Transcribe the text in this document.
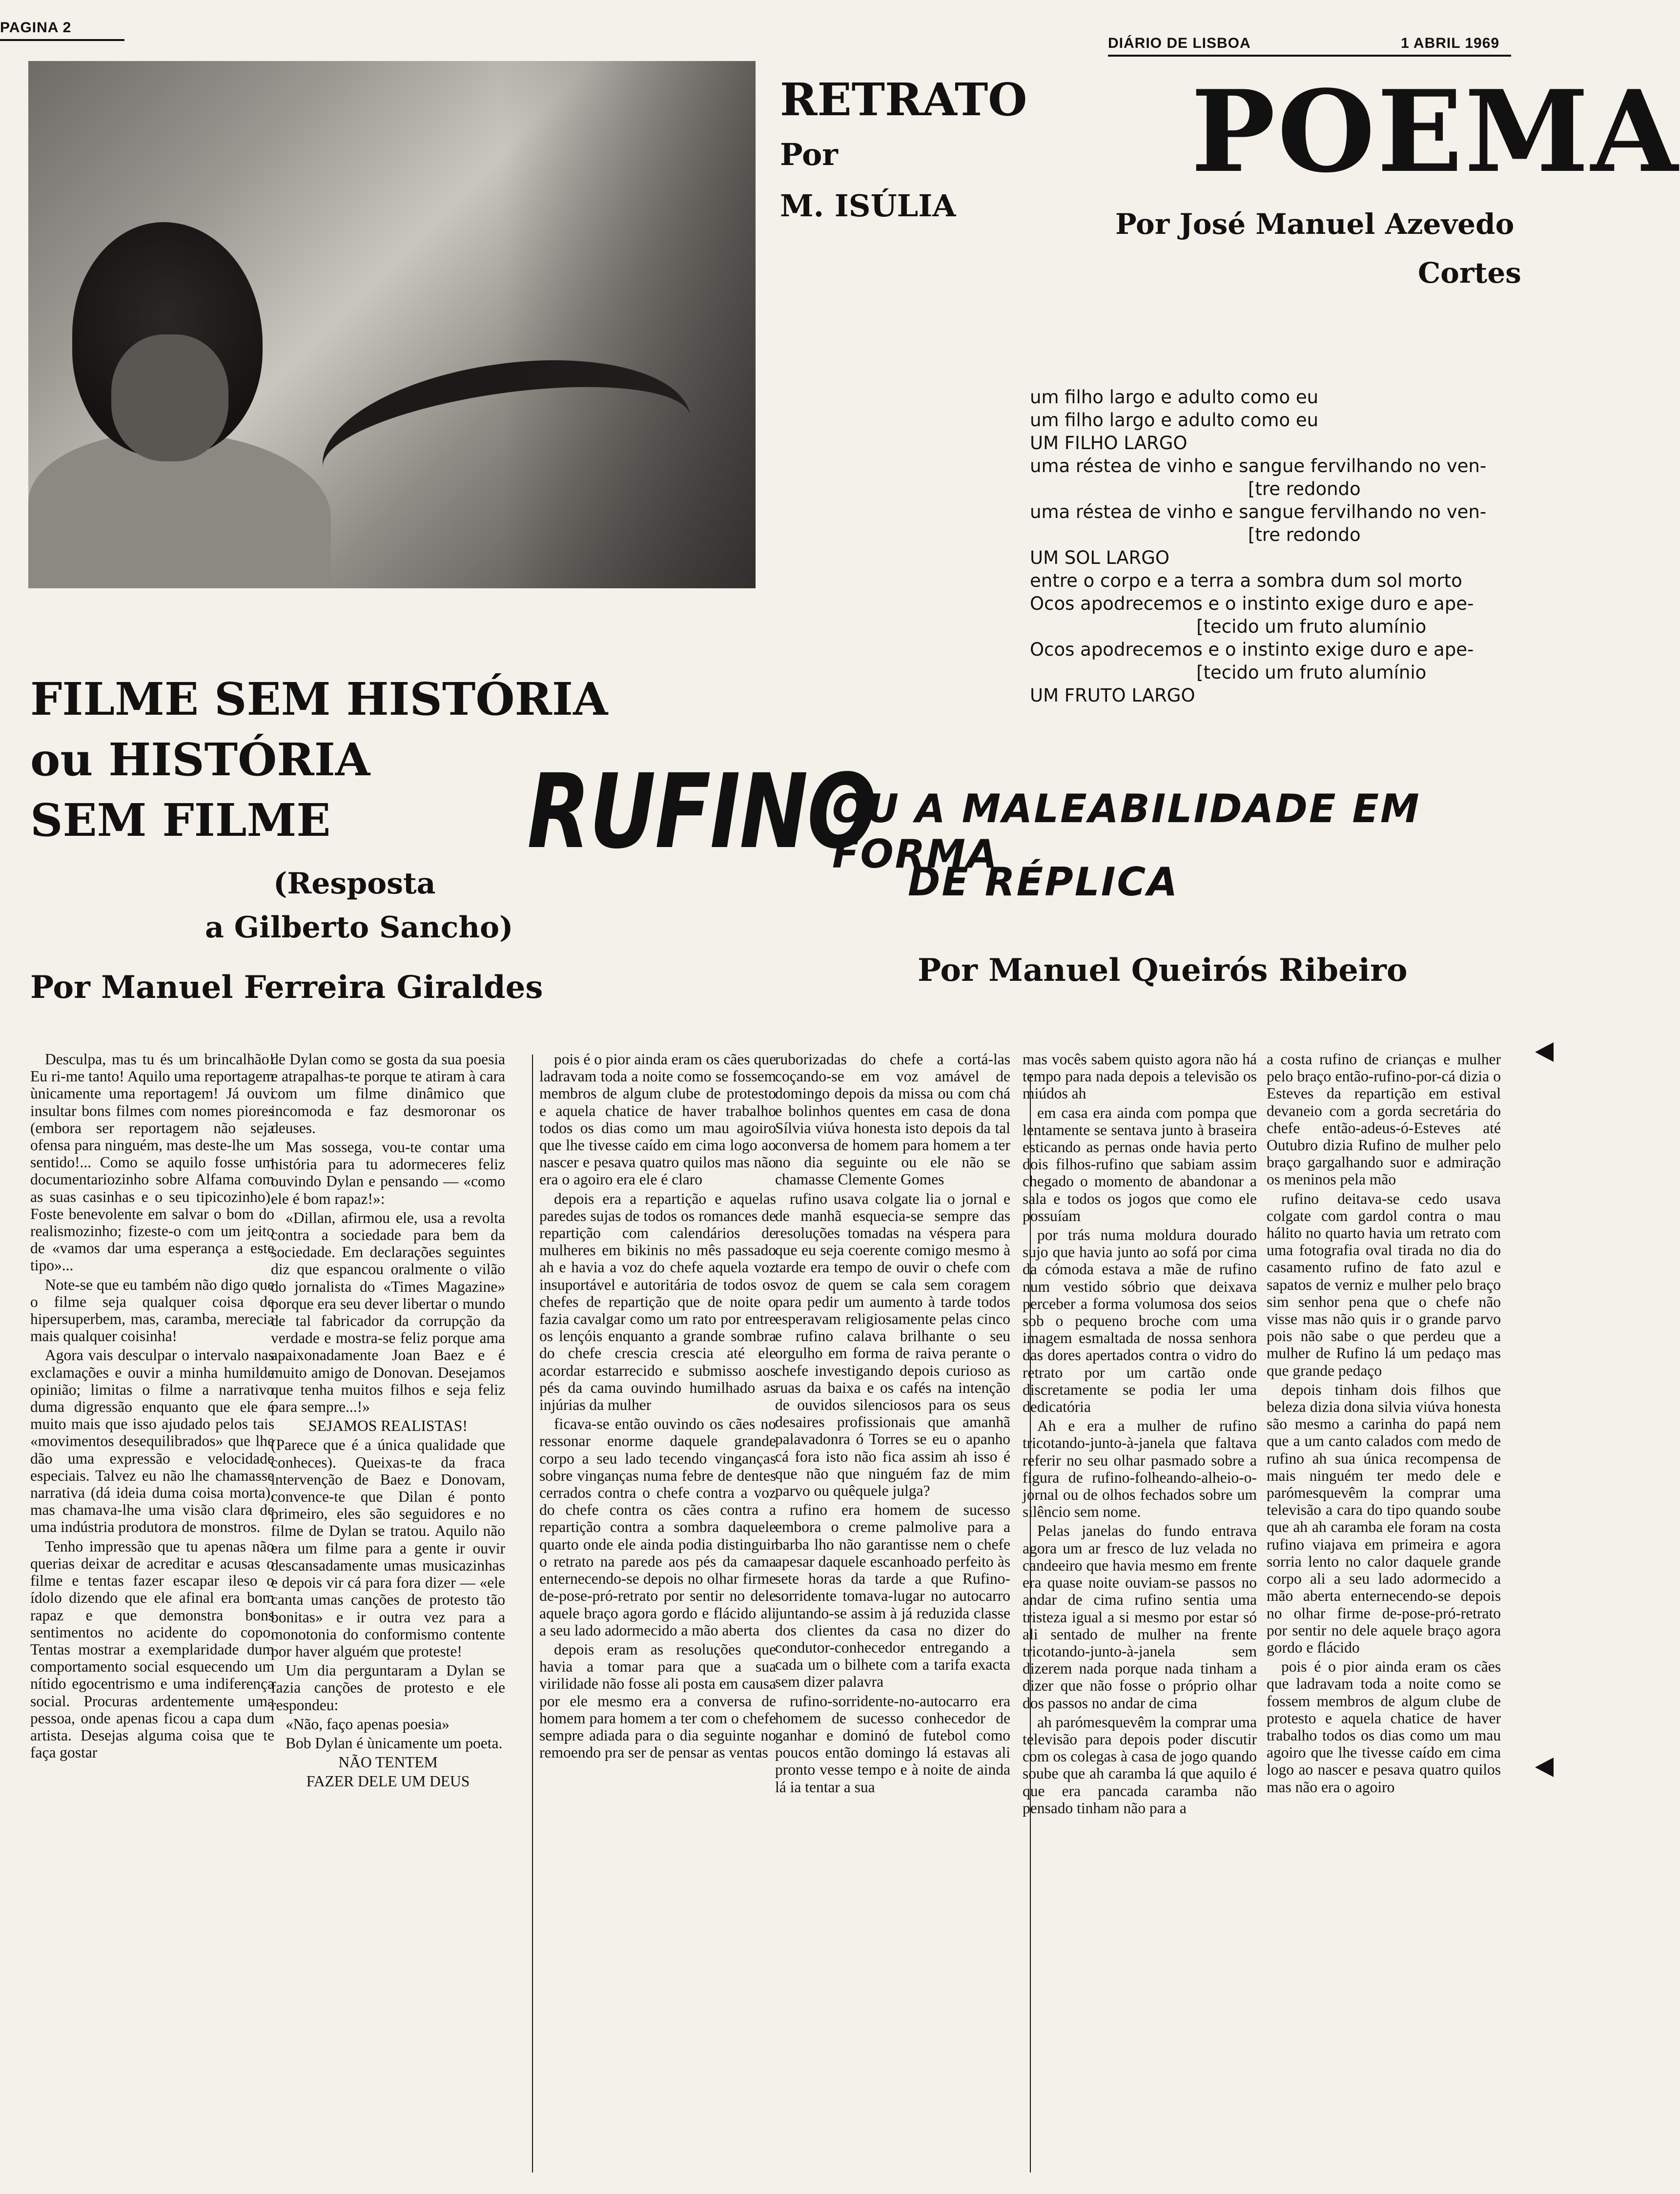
PAGINA 2
DIÁRIO DE LISBOA	1 ABRIL 1969
RETRATO
Por
M. ISÚLIA
POEMA
Por José Manuel Azevedo
Cortes
um filho largo e adulto como eu
um filho largo e adulto como eu
UM FILHO LARGO
uma réstea de vinho e sangue fervilhando no ven-
[tre redondo
uma réstea de vinho e sangue fervilhando no ven-
[tre redondo
UM SOL LARGO
entre o corpo e a terra a sombra dum sol morto
Ocos apodrecemos e o instinto exige duro e ape-
[tecido um fruto alumínio
Ocos apodrecemos e o instinto exige duro e ape-
[tecido um fruto alumínio
UM FRUTO LARGO
FILME SEM HISTÓRIA
ou HISTÓRIA
SEM FILME
(Resposta
a Gilberto Sancho)
Por Manuel Ferreira Giraldes
RUFINO
OU A MALEABILIDADE EM FORMA
DE RÉPLICA
Por Manuel Queirós Ribeiro

Desculpa, mas tu és um brincalhão! Eu ri-me tanto! Aquilo uma reportagem ùnicamente uma reportagem! Já ouvi insultar bons filmes com nomes piores (embora ser reportagem não seja ofensa para ninguém, mas deste-lhe um sentido!... Como se aquilo fosse um documentariozinho sobre Alfama com as suas casinhas e o seu tipicozinho). Foste benevolente em salvar o bom do realismozinho; fizeste-o com um jeito de «vamos dar uma esperança a este tipo»...

Note-se que eu também não digo que o filme seja qualquer coisa de hipersuperbem, mas, caramba, merecia mais qualquer coisinha!

Agora vais desculpar o intervalo nas exclamações e ouvir a minha humilde opinião; limitas o filme a narrativo duma digressão enquanto que ele é muito mais que isso ajudado pelos tais «movimentos desequilibrados» que lhe dão uma expressão e velocidade especiais. Talvez eu não lhe chamasse narrativa (dá ideia duma coisa morta), mas chamava-lhe uma visão clara de uma indústria produtora de monstros.

Tenho impressão que tu apenas não querias deixar de acreditar e acusas o filme e tentas fazer escapar ileso o ídolo dizendo que ele afinal era bom rapaz e que demonstra bons sentimentos no acidente do copo. Tentas mostrar a exemplaridade dum comportamento social esquecendo um nítido egocentrismo e uma indiferença social. Procuras ardentemente uma pessoa, onde apenas ficou a capa dum artista. Desejas alguma coisa que te faça gostar

de Dylan como se gosta da sua poesia e atrapalhas-te porque te atiram à cara com um filme dinâmico que incomoda e faz desmoronar os deuses.

Mas sossega, vou-te contar uma história para tu adormeceres feliz ouvindo Dylan e pensando — «como ele é bom rapaz!»:

«Dillan, afirmou ele, usa a revolta contra a sociedade para bem da sociedade. Em declarações seguintes diz que espancou oralmente o vilão do jornalista do «Times Magazine» porque era seu dever libertar o mundo de tal fabricador da corrupção da verdade e mostra-se feliz porque ama apaixonadamente Joan Baez e é muito amigo de Donovan. Desejamos que tenha muitos filhos e seja feliz para sempre...!»

SEJAMOS REALISTAS!

(Parece que é a única qualidade que conheces). Queixas-te da fraca intervenção de Baez e Donovam, convence-te que Dilan é ponto primeiro, eles são seguidores e no filme de Dylan se tratou. Aquilo não era um filme para a gente ir ouvir descansadamente umas musicazinhas e depois vir cá para fora dizer — «ele canta umas canções de protesto tão bonitas» e ir outra vez para a monotonia do conformismo contente por haver alguém que proteste!

Um dia perguntaram a Dylan se fazia canções de protesto e ele respondeu:

«Não, faço apenas poesia»

Bob Dylan é ùnicamente um poeta.

NÃO TENTEM

FAZER DELE UM DEUS

pois é o pior ainda eram os cães que ladravam toda a noite como se fossem membros de algum clube de protesto e aquela chatice de haver trabalho todos os dias como um mau agoiro que lhe tivesse caído em cima logo ao nascer e pesava quatro quilos mas não era o agoiro era ele é claro

depois era a repartição e aquelas paredes sujas de todos os romances de repartição com calendários de mulheres em bikinis no mês passado ah e havia a voz do chefe aquela voz insuportável e autoritária de todos os chefes de repartição que de noite o fazia cavalgar como um rato por entre os lençóis enquanto a grande sombra do chefe crescia crescia até ele acordar estarrecido e submisso aos pés da cama ouvindo humilhado as injúrias da mulher

ficava-se então ouvindo os cães no ressonar enorme daquele grande corpo a seu lado tecendo vinganças sobre vinganças numa febre de dentes cerrados contra o chefe contra a voz do chefe contra os cães contra a repartição contra a sombra daquele quarto onde ele ainda podia distinguir o retrato na parede aos pés da cama enternecendo-se depois no olhar firme de-pose-pró-retrato por sentir no dele aquele braço agora gordo e flácido ali a seu lado adormecido a mão aberta

depois eram as resoluções que havia a tomar para que a sua virilidade não fosse ali posta em causa por ele mesmo era a conversa de homem para homem a ter com o chefe sempre adiada para o dia seguinte no remoendo pra ser de pensar as ventas

ruborizadas do chefe a cortá-las coçando-se em voz amável de domingo depois da missa ou com chá e bolinhos quentes em casa de dona Sílvia viúva honesta isto depois da tal conversa de homem para homem a ter no dia seguinte ou ele não se chamasse Clemente Gomes

rufino usava colgate lia o jornal e de manhã esquecia-se sempre das resoluções tomadas na véspera para que eu seja coerente comigo mesmo à tarde era tempo de ouvir o chefe com voz de quem se cala sem coragem para pedir um aumento à tarde todos esperavam religiosamente pelas cinco e rufino calava brilhante o seu orgulho em forma de raiva perante o chefe investigando depois curioso as ruas da baixa e os cafés na intenção de ouvidos silenciosos para os seus desaires profissionais que amanhã palavadonra ó Torres se eu o apanho cá fora isto não fica assim ah isso é que não que ninguém faz de mim parvo ou quêquele julga?

rufino era homem de sucesso embora o creme palmolive para a barba lho não garantisse nem o chefe apesar daquele escanhoado perfeito às sete horas da tarde a que Rufino-sorridente tomava-lugar no autocarro juntando-se assim à já reduzida classe dos clientes da casa no dizer do condutor-conhecedor entregando a cada um o bilhete com a tarifa exacta sem dizer palavra

rufino-sorridente-no-autocarro era homem de sucesso conhecedor de ganhar e dominó de futebol como poucos então domingo lá estavas ali pronto vesse tempo e à noite de ainda lá ia tentar a sua

mas vocês sabem quisto agora não há tempo para nada depois a televisão os miúdos ah

em casa era ainda com pompa que lentamente se sentava junto à braseira esticando as pernas onde havia perto dois filhos-rufino que sabiam assim chegado o momento de abandonar a sala e todos os jogos que como ele possuíam

por trás numa moldura dourado sujo que havia junto ao sofá por cima da cómoda estava a mãe de rufino num vestido sóbrio que deixava perceber a forma volumosa dos seios sob o pequeno broche com uma imagem esmaltada de nossa senhora das dores apertados contra o vidro do retrato por um cartão onde discretamente se podia ler uma dedicatória

Ah e era a mulher de rufino tricotando-junto-à-janela que faltava referir no seu olhar pasmado sobre a figura de rufino-folheando-alheio-o-jornal ou de olhos fechados sobre um silêncio sem nome.

Pelas janelas do fundo entrava agora um ar fresco de luz velada no candeeiro que havia mesmo em frente era quase noite ouviam-se passos no andar de cima rufino sentia uma tristeza igual a si mesmo por estar só ali sentado de mulher na frente tricotando-junto-à-janela sem dizerem nada porque nada tinham a dizer que não fosse o próprio olhar dos passos no andar de cima

ah parómesquevêm la comprar uma televisão para depois poder discutir com os colegas à casa de jogo quando soube que ah caramba lá que aquilo é que era pancada caramba não pensado tinham não para a

a costa rufino de crianças e mulher pelo braço então-rufino-por-cá dizia o Esteves da repartição em estival devaneio com a gorda secretária do chefe então-adeus-ó-Esteves até Outubro dizia Rufino de mulher pelo braço gargalhando suor e admiração os meninos pela mão

rufino deitava-se cedo usava colgate com gardol contra o mau hálito no quarto havia um retrato com uma fotografia oval tirada no dia do casamento rufino de fato azul e sapatos de verniz e mulher pelo braço sim senhor pena que o chefe não visse mas não quis ir o grande parvo pois não sabe o que perdeu que a mulher de Rufino lá um pedaço mas que grande pedaço

depois tinham dois filhos que beleza dizia dona silvia viúva honesta são mesmo a carinha do papá nem que a um canto calados com medo de rufino ah sua única recompensa de mais ninguém ter medo dele e parómesquevêm la comprar uma televisão a cara do tipo quando soube que ah ah caramba ele foram na costa rufino viajava em primeira e agora sorria lento no calor daquele grande corpo ali a seu lado adormecido a mão aberta enternecendo-se depois no olhar firme de-pose-pró-retrato por sentir no dele aquele braço agora gordo e flácido

pois é o pior ainda eram os cães que ladravam toda a noite como se fossem membros de algum clube de protesto e aquela chatice de haver trabalho todos os dias como um mau agoiro que lhe tivesse caído em cima logo ao nascer e pesava quatro quilos mas não era o agoiro
